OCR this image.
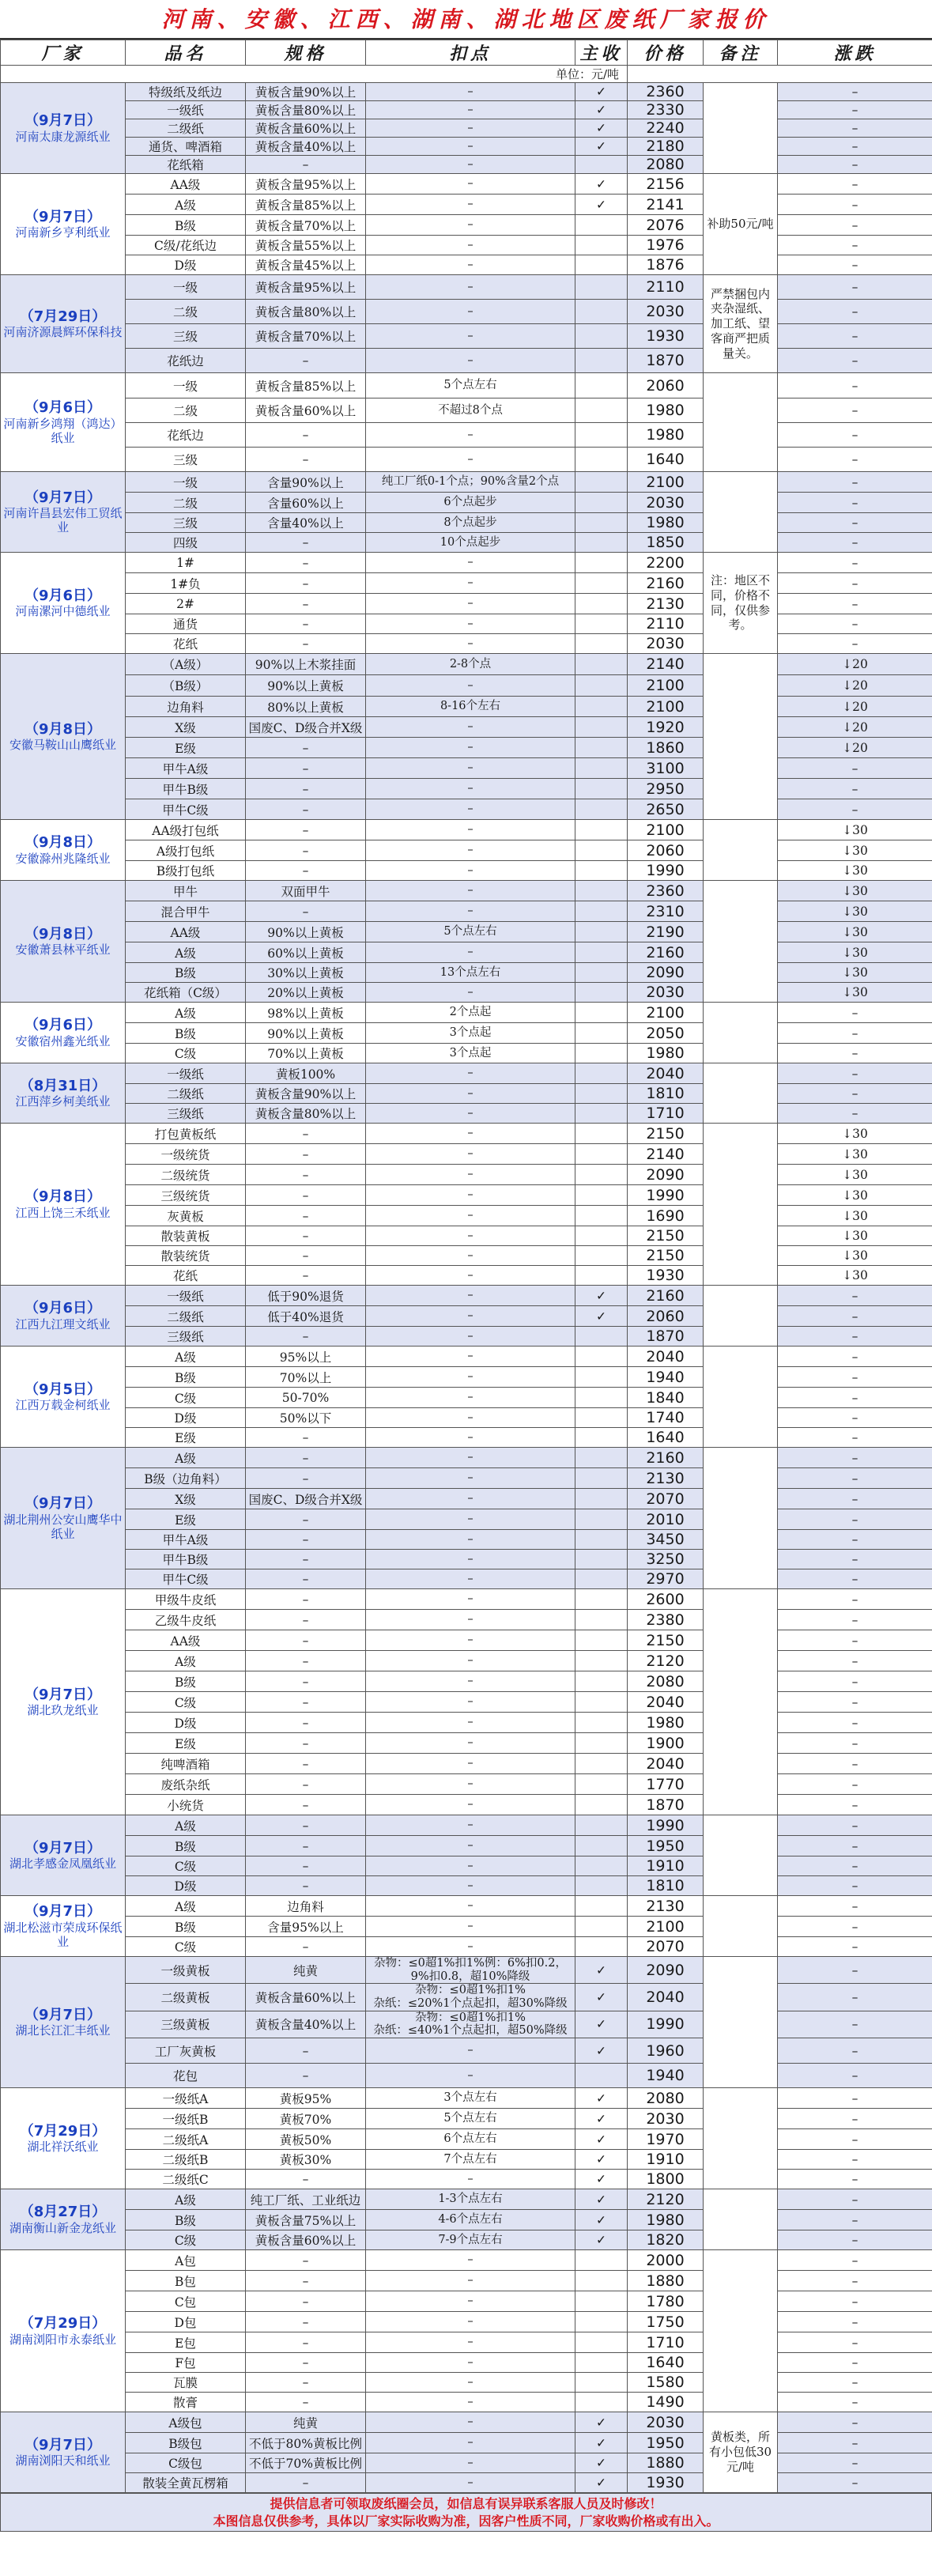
河南、安徽、江西、湖南、湖北地区废纸厂家报价
厂家	品名	规格	扣点	主收	价格	备注	涨跌
单位：元/吨							

（9月7日）
河南太康龙源纸业	特级纸及纸边	黄板含量90%以上	–	✓	2360		–
	一级纸	黄板含量80%以上	–	✓	2330		–
	二级纸	黄板含量60%以上	–	✓	2240		–
	通货、啤酒箱	黄板含量40%以上	–	✓	2180		–
	花纸箱	–	–		2080		–

（9月7日）
河南新乡亨利纸业	AA级	黄板含量95%以上	–	✓	2156	补助50元/吨	–
	A级	黄板含量85%以上	–	✓	2141		–
	B级	黄板含量70%以上	–		2076		–
	C级/花纸边	黄板含量55%以上	–		1976		–
	D级	黄板含量45%以上	–		1876		–

（7月29日）
河南济源晨辉环保科技	一级	黄板含量95%以上	–		2110	严禁捆包内夹杂湿纸、加工纸、望客商严把质量关。	–
	二级	黄板含量80%以上	–		2030		–
	三级	黄板含量70%以上	–		1930		–
	花纸边	–	–		1870		–

（9月6日）
河南新乡鸿翔（鸿达）纸业	一级	黄板含量85%以上	5个点左右		2060		–
	二级	黄板含量60%以上	不超过8个点		1980		–
	花纸边	–	–		1980		–
	三级	–	–		1640		–

（9月7日）
河南许昌县宏伟工贸纸业	一级	含量90%以上	纯工厂纸0-1个点；90%含量2个点		2100		–
	二级	含量60%以上	6个点起步		2030		–
	三级	含量40%以上	8个点起步		1980		–
	四级	–	10个点起步		1850		–

（9月6日）
河南漯河中德纸业	1#	–	–		2200	注：地区不同，价格不同，仅供参考。	–
	1#负	–	–		2160		–
	2#	–	–		2130		–
	通货	–	–		2110		–
	花纸	–	–		2030		–

（9月8日）
安徽马鞍山山鹰纸业	（A级）	90%以上木浆挂面	2-8个点		2140		↓20
	（B级）	90%以上黄板	–		2100		↓20
	边角料	80%以上黄板	8-16个左右		2100		↓20
	X级	国废C、D级合并X级	–		1920		↓20
	E级	–	–		1860		↓20
	甲牛A级	–	–		3100		–
	甲牛B级	–	–		2950		–
	甲牛C级	–	–		2650		–

（9月8日）
安徽滁州兆隆纸业	AA级打包纸	–	–		2100		↓30
	A级打包纸	–	–		2060		↓30
	B级打包纸	–	–		1990		↓30

（9月8日）
安徽萧县林平纸业	甲牛	双面甲牛	–		2360		↓30
	混合甲牛	–	–		2310		↓30
	AA级	90%以上黄板	5个点左右		2190		↓30
	A级	60%以上黄板	–		2160		↓30
	B级	30%以上黄板	13个点左右		2090		↓30
	花纸箱（C级）	20%以上黄板	–		2030		↓30

（9月6日）
安徽宿州鑫光纸业	A级	98%以上黄板	2个点起		2100		–
	B级	90%以上黄板	3个点起		2050		–
	C级	70%以上黄板	3个点起		1980		–

（8月31日）
江西萍乡柯美纸业	一级纸	黄板100%	–		2040		–
	二级纸	黄板含量90%以上	–		1810		–
	三级纸	黄板含量80%以上	–		1710		–

（9月8日）
江西上饶三禾纸业	打包黄板纸	–	–		2150		↓30
	一级统货	–	–		2140		↓30
	二级统货	–	–		2090		↓30
	三级统货	–	–		1990		↓30
	灰黄板	–	–		1690		↓30
	散装黄板	–	–		2150		↓30
	散装统货	–	–		2150		↓30
	花纸	–	–		1930		↓30

（9月6日）
江西九江理文纸业	一级纸	低于90%退货	–	✓	2160		–
	二级纸	低于40%退货	–	✓	2060		–
	三级纸	–	–		1870		–

（9月5日）
江西万载金柯纸业	A级	95%以上	–		2040		–
	B级	70%以上	–		1940		–
	C级	50-70%	–		1840		–
	D级	50%以下	–		1740		–
	E级	–	–		1640		–

（9月7日）
湖北荆州公安山鹰华中纸业	A级	–	–		2160		–
	B级（边角料）	–	–		2130		–
	X级	国废C、D级合并X级	–		2070		–
	E级	–	–		2010		–
	甲牛A级	–	–		3450		–
	甲牛B级	–	–		3250		–
	甲牛C级	–	–		2970		–

（9月7日）
湖北玖龙纸业	甲级牛皮纸	–	–		2600		–
	乙级牛皮纸	–	–		2380		–
	AA级	–	–		2150		–
	A级	–	–		2120		–
	B级	–	–		2080		–
	C级	–	–		2040		–
	D级	–	–		1980		–
	E级	–	–		1900		–
	纯啤酒箱	–	–		2040		–
	废纸杂纸	–	–		1770		–
	小统货	–	–		1870		–

（9月7日）
湖北孝感金凤凰纸业	A级	–	–		1990		–
	B级	–	–		1950		–
	C级	–	–		1910		–
	D级	–	–		1810		–

（9月7日）
湖北松滋市荣成环保纸业	A级	边角料	–		2130		–
	B级	含量95%以上	–		2100		–
	C级	–	–		2070		–

（9月7日）
湖北长江汇丰纸业	一级黄板	纯黄	杂物：≤0超1%扣1%例：6%扣0.2，9%扣0.8，超10%降级	✓	2090		–
	二级黄板	黄板含量60%以上	杂物：≤0超1%扣1%
杂纸：≤20%1个点起扣，超30%降级	✓	2040		–
	三级黄板	黄板含量40%以上	杂物：≤0超1%扣1%
杂纸：≤40%1个点起扣，超50%降级	✓	1990		–
	工厂灰黄板	–	–	✓	1960		–
	花包	–	–		1940		–

（7月29日）
湖北祥沃纸业	一级纸A	黄板95%	3个点左右	✓	2080		–
	一级纸B	黄板70%	5个点左右	✓	2030		–
	二级纸A	黄板50%	6个点左右	✓	1970		–
	二级纸B	黄板30%	7个点左右	✓	1910		–
	二级纸C	–	–	✓	1800		–

（8月27日）
湖南衡山新金龙纸业	A级	纯工厂纸、工业纸边	1-3个点左右	✓	2120		–
	B级	黄板含量75%以上	4-6个点左右	✓	1980		–
	C级	黄板含量60%以上	7-9个点左右	✓	1820		–

（7月29日）
湖南浏阳市永泰纸业	A包	–	–		2000		–
	B包	–	–		1880		–
	C包	–	–		1780		–
	D包	–	–		1750		–
	E包	–	–		1710		–
	F包	–	–		1640		–
	瓦膜	–	–		1580		–
	散膏	–	–		1490		–

（9月7日）
湖南浏阳天和纸业	A级包	纯黄	–	✓	2030	黄板类，所有小包低30元/吨	–
	B级包	不低于80%黄板比例	–	✓	1950		–
	C级包	不低于70%黄板比例	–	✓	1880		–
	散装全黄瓦楞箱	–	–	✓	1930		–
提供信息者可领取废纸圈会员，如信息有误异联系客服人员及时修改！
本图信息仅供参考，具体以厂家实际收购为准，因客户性质不同，厂家收购价格或有出入。
